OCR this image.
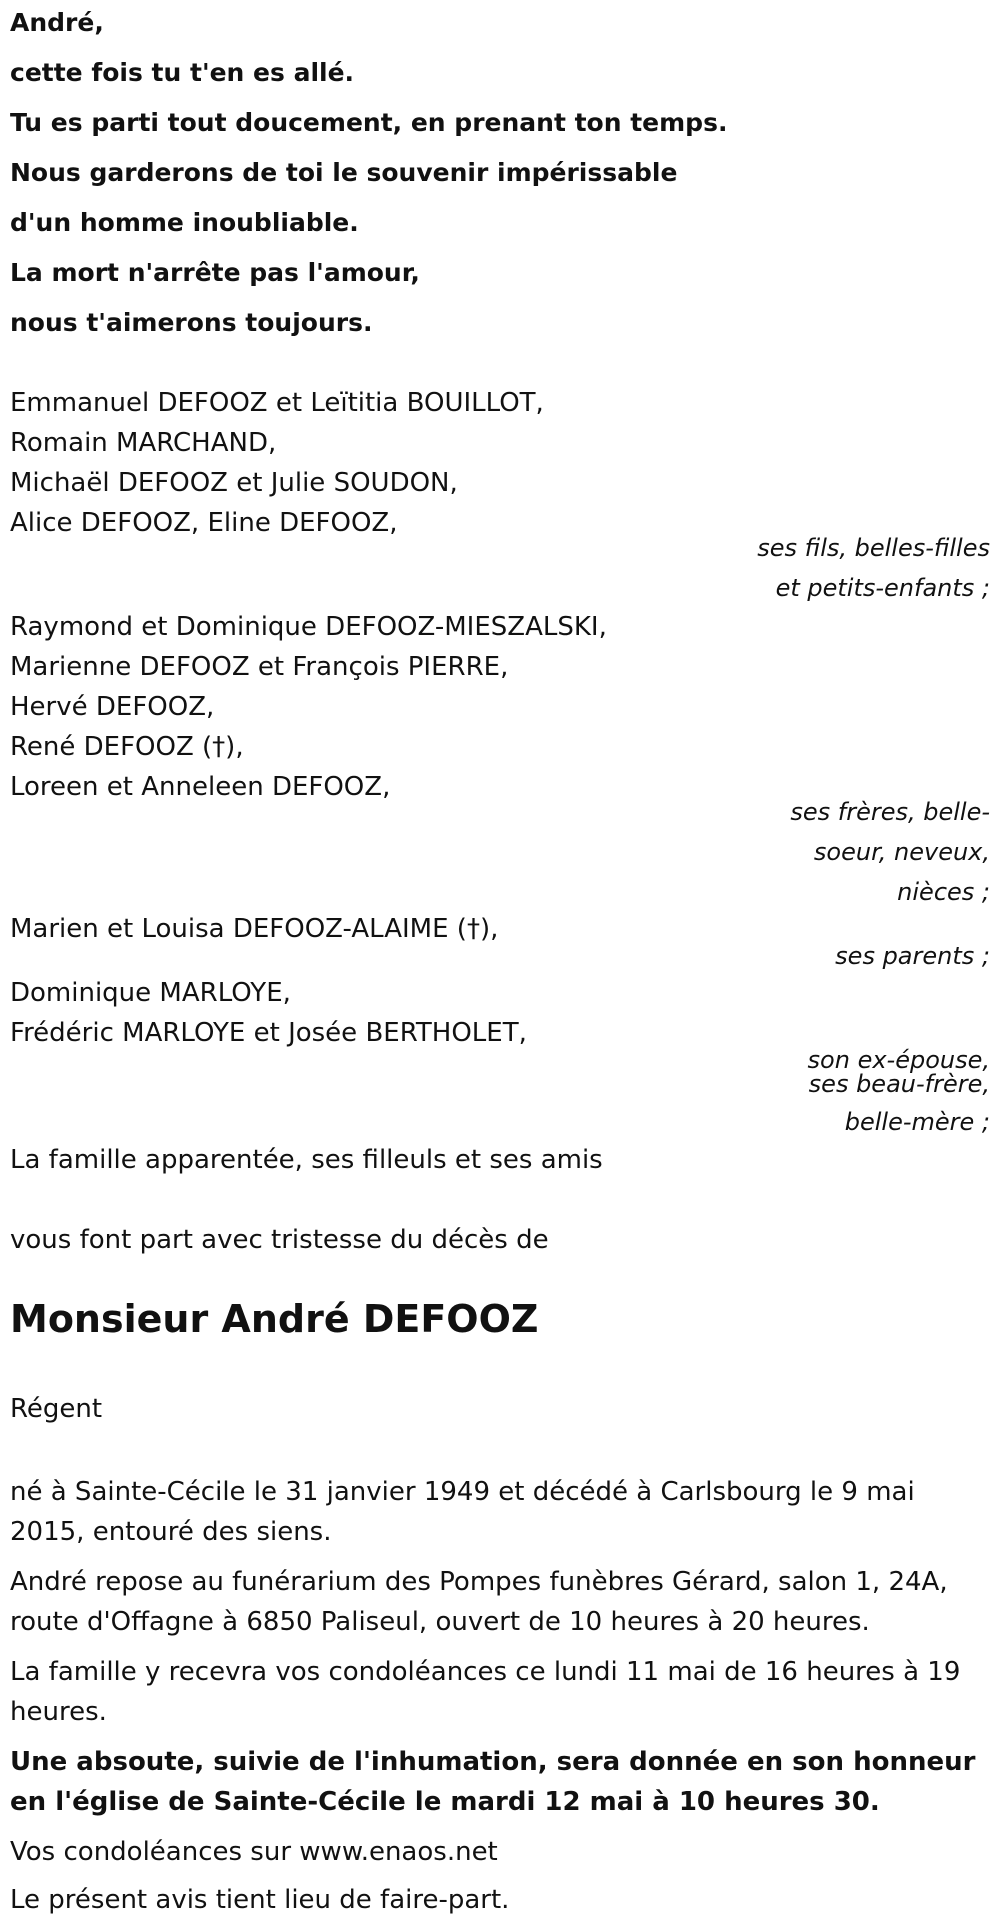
André,
cette fois tu t'en es allé.
Tu es parti tout doucement, en prenant ton temps.
Nous garderons de toi le souvenir impérissable
d'un homme inoubliable.
La mort n'arrête pas l'amour,
nous t'aimerons toujours.
Emmanuel DEFOOZ et Leïtitia BOUILLOT,
Romain MARCHAND,
Michaël DEFOOZ et Julie SOUDON,
Alice DEFOOZ, Eline DEFOOZ,
ses fils, belles-filles
et petits-enfants ;
Raymond et Dominique DEFOOZ-MIESZALSKI,
Marienne DEFOOZ et François PIERRE,
Hervé DEFOOZ,
René DEFOOZ (†),
Loreen et Anneleen DEFOOZ,
ses frères, belle-
soeur, neveux,
nièces ;
Marien et Louisa DEFOOZ-ALAIME (†),
ses parents ;
Dominique MARLOYE,
Frédéric MARLOYE et Josée BERTHOLET,
son ex-épouse,
ses beau-frère,
belle-mère ;
La famille apparentée, ses filleuls et ses amis
vous font part avec tristesse du décès de
Monsieur André DEFOOZ
Régent
né à Sainte-Cécile le 31 janvier 1949 et décédé à Carlsbourg le 9 mai 2015, entouré des siens.
André repose au funérarium des Pompes funèbres Gérard, salon 1, 24A, route d'Offagne à 6850 Paliseul, ouvert de 10 heures à 20 heures.
La famille y recevra vos condoléances ce lundi 11 mai de 16 heures à 19 heures.
Une absoute, suivie de l'inhumation, sera donnée en son honneur en l'église de Sainte-Cécile le mardi 12 mai à 10 heures 30.
Vos condoléances sur www.enaos.net
Le présent avis tient lieu de faire-part.
